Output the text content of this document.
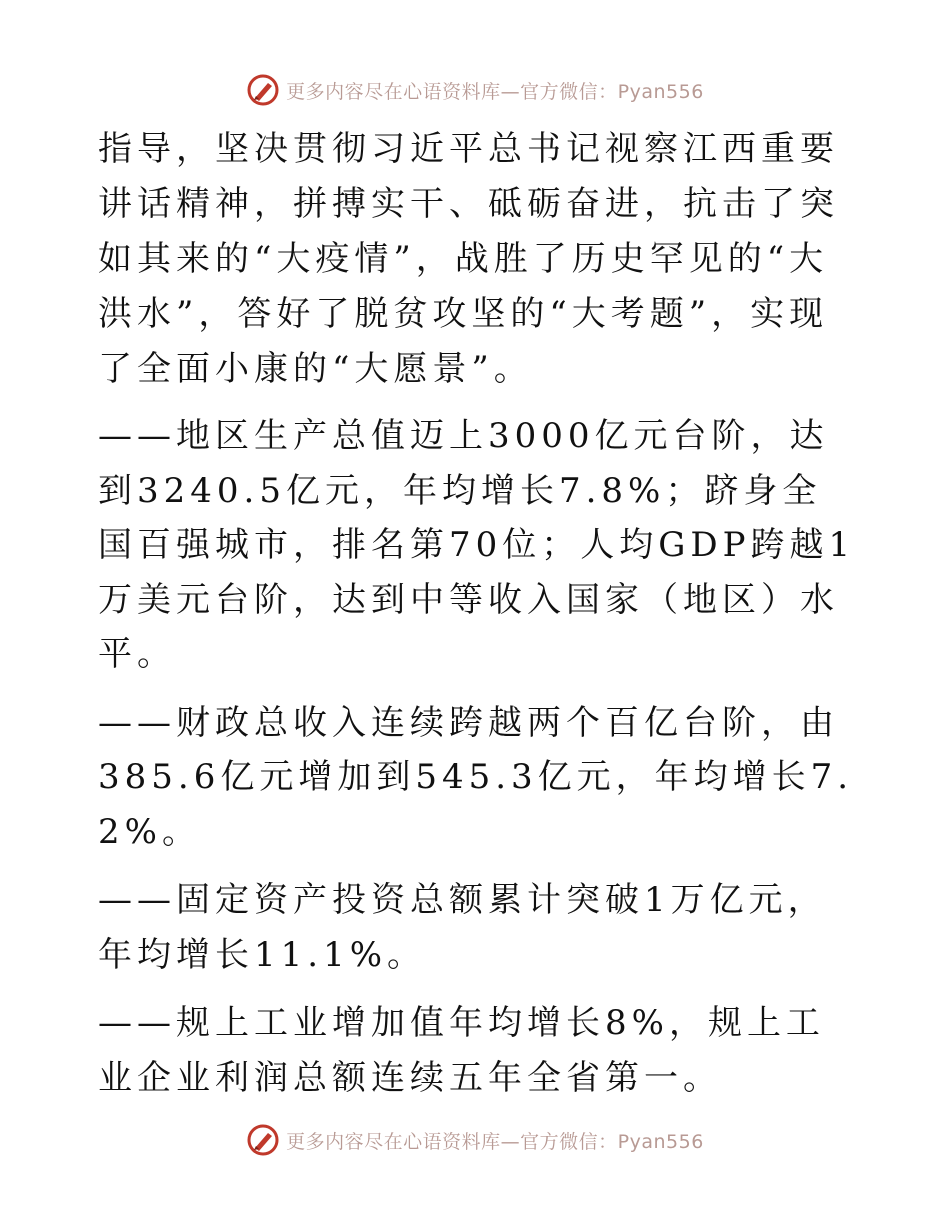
更多内容尽在心语资料库—官方微信：Pyan556

指导，坚决贯彻习近平总书记视察江西重要讲话精神，拼搏实干、砥砺奋进，抗击了突如其来的“大疫情”，战胜了历史罕见的“大洪水”，答好了脱贫攻坚的“大考题”，实现了全面小康的“大愿景”。

——地区生产总值迈上3000亿元台阶，达到3240.5亿元，年均增长7.8%；跻身全国百强城市，排名第70位；人均GDP跨越1万美元台阶，达到中等收入国家（地区）水平。

——财政总收入连续跨越两个百亿台阶，由385.6亿元增加到545.3亿元，年均增长7.2%。

——固定资产投资总额累计突破1万亿元，年均增长11.1%。

——规上工业增加值年均增长8%，规上工业企业利润总额连续五年全省第一。

更多内容尽在心语资料库—官方微信：Pyan556
